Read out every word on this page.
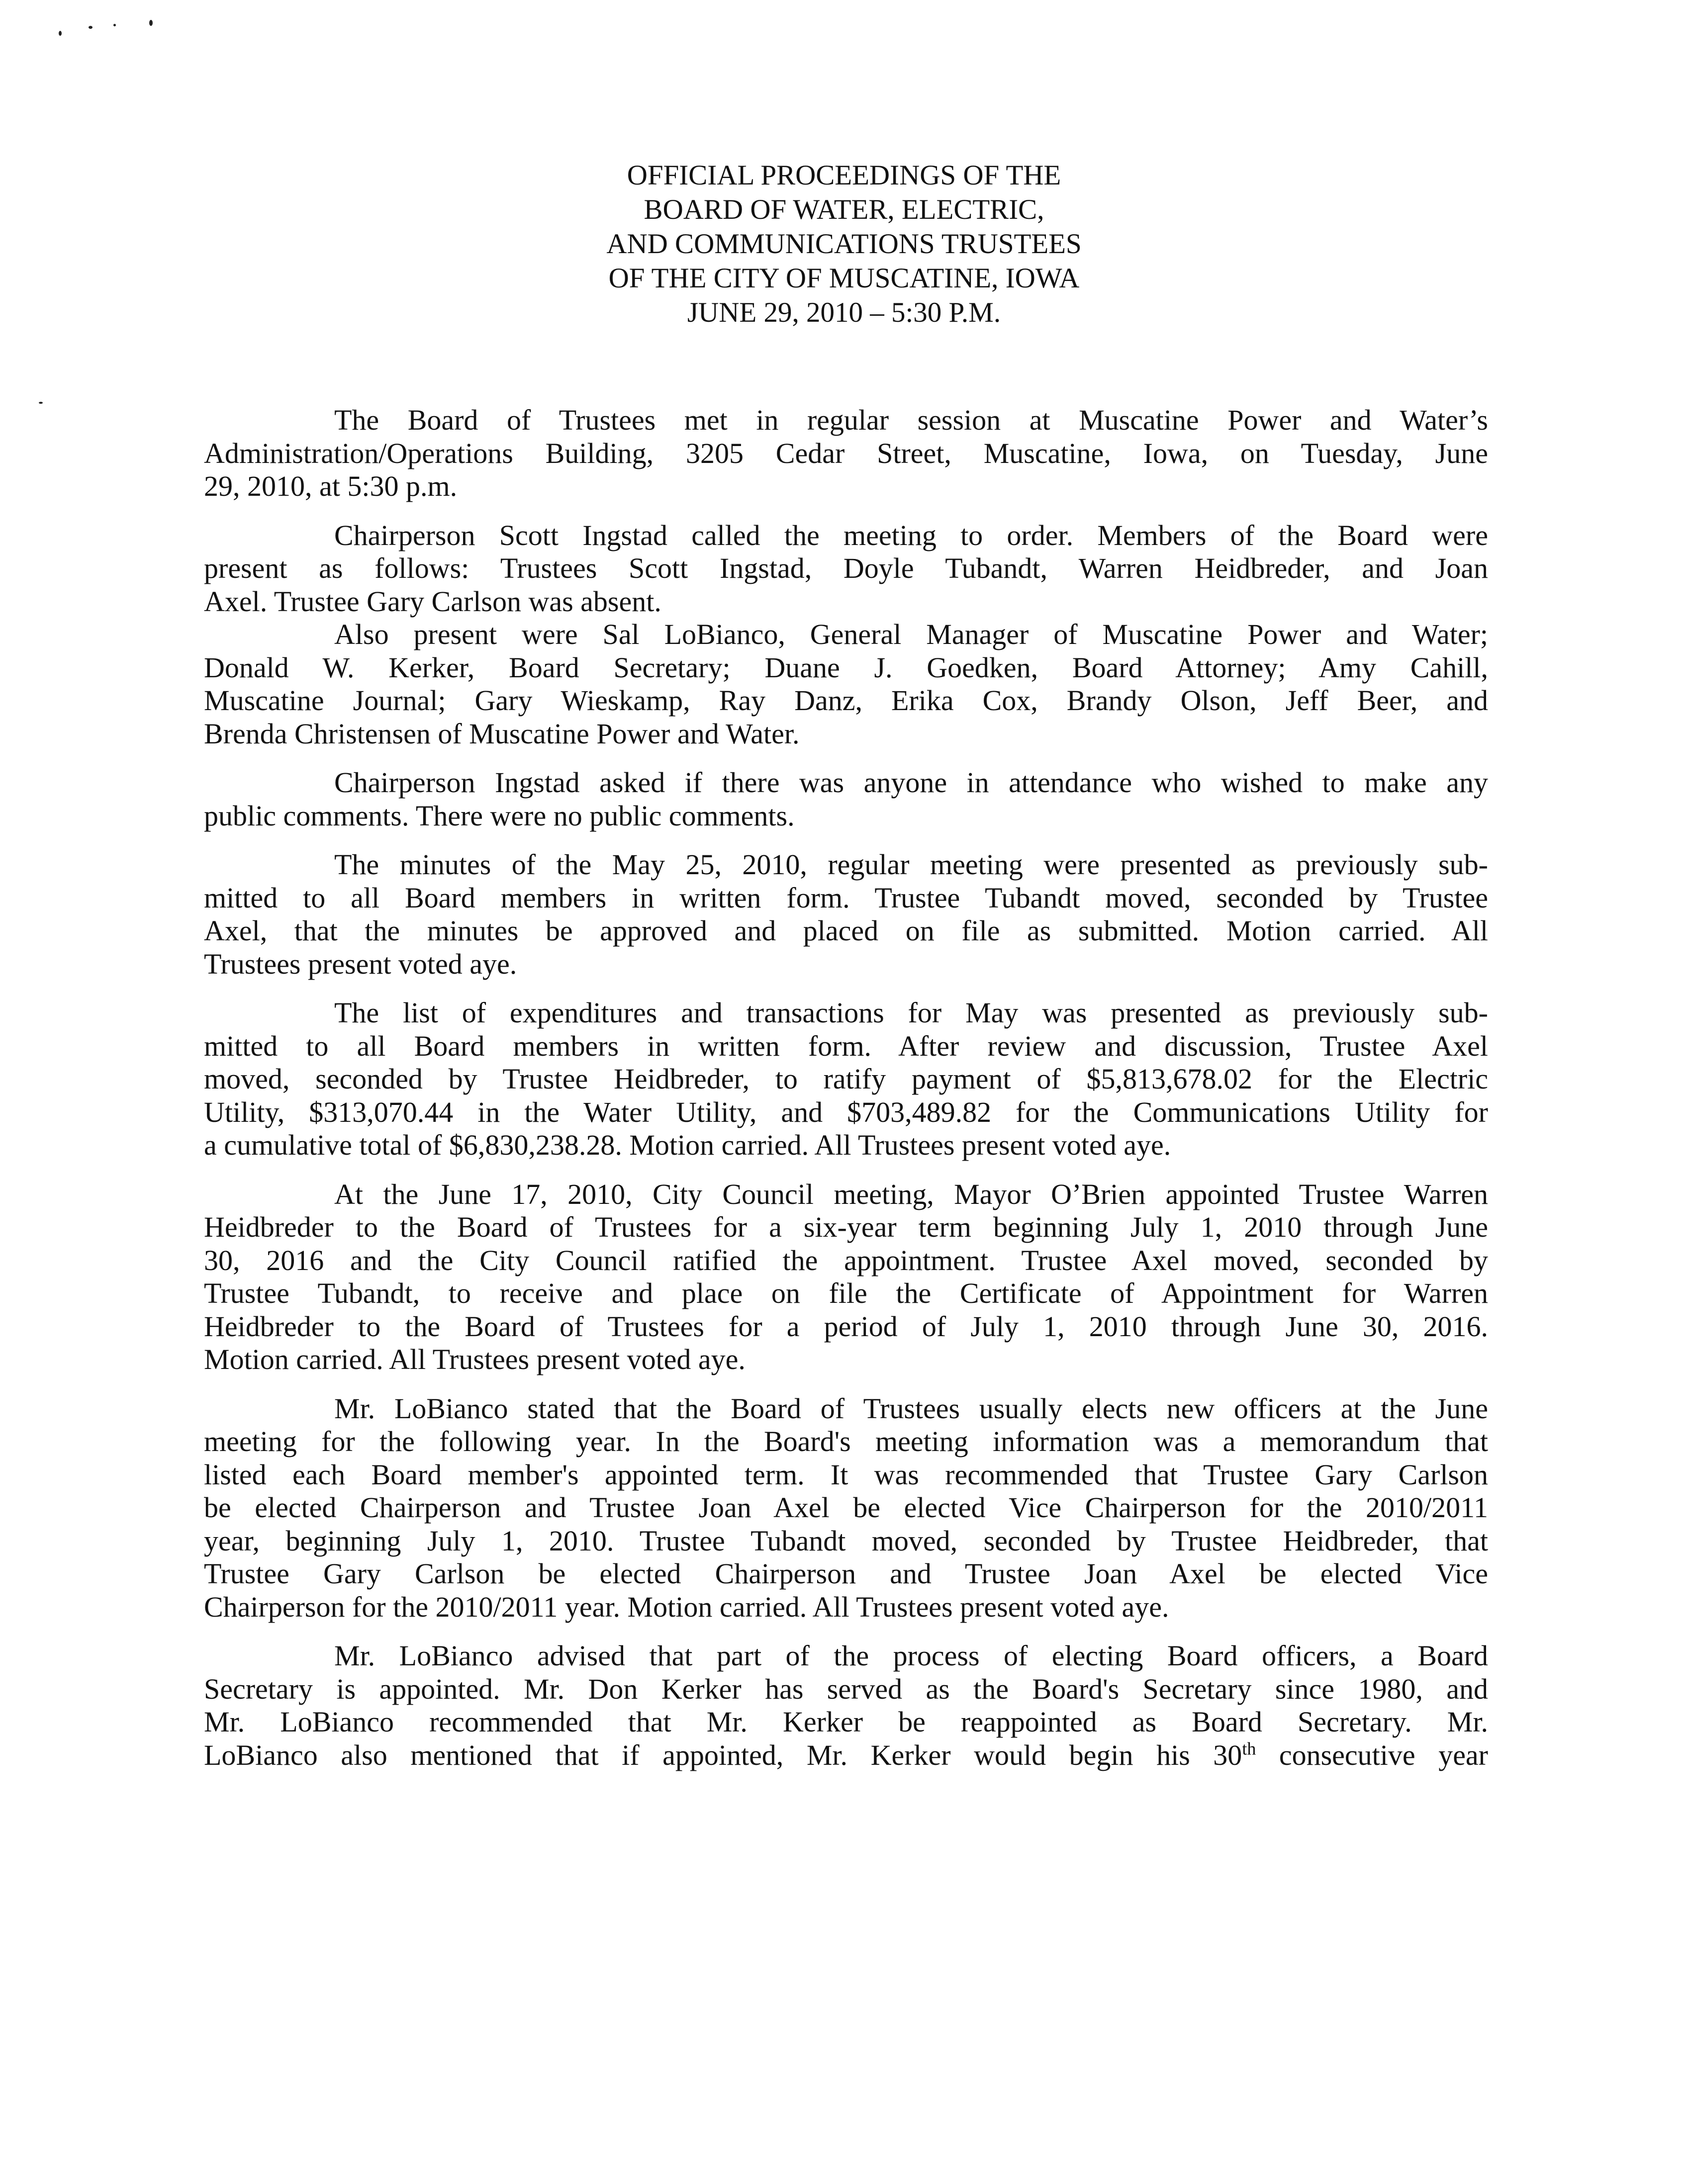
OFFICIAL PROCEEDINGS OF THE
BOARD OF WATER, ELECTRIC,
AND COMMUNICATIONS TRUSTEES
OF THE CITY OF MUSCATINE, IOWA
JUNE 29, 2010 – 5:30 P.M.
The Board of Trustees met in regular session at Muscatine Power and Water’s
Administration/Operations Building, 3205 Cedar Street, Muscatine, Iowa, on Tuesday, June
29, 2010, at 5:30 p.m.
Chairperson Scott Ingstad called the meeting to order. Members of the Board were
present as follows: Trustees Scott Ingstad, Doyle Tubandt, Warren Heidbreder, and Joan
Axel. Trustee Gary Carlson was absent.
Also present were Sal LoBianco, General Manager of Muscatine Power and Water;
Donald W. Kerker, Board Secretary; Duane J. Goedken, Board Attorney; Amy Cahill,
Muscatine Journal; Gary Wieskamp, Ray Danz, Erika Cox, Brandy Olson, Jeff Beer, and
Brenda Christensen of Muscatine Power and Water.
Chairperson Ingstad asked if there was anyone in attendance who wished to make any
public comments. There were no public comments.
The minutes of the May 25, 2010, regular meeting were presented as previously sub-
mitted to all Board members in written form. Trustee Tubandt moved, seconded by Trustee
Axel, that the minutes be approved and placed on file as submitted. Motion carried. All
Trustees present voted aye.
The list of expenditures and transactions for May was presented as previously sub-
mitted to all Board members in written form. After review and discussion, Trustee Axel
moved, seconded by Trustee Heidbreder, to ratify payment of $5,813,678.02 for the Electric
Utility, $313,070.44 in the Water Utility, and $703,489.82 for the Communications Utility for
a cumulative total of $6,830,238.28. Motion carried. All Trustees present voted aye.
At the June 17, 2010, City Council meeting, Mayor O’Brien appointed Trustee Warren
Heidbreder to the Board of Trustees for a six-year term beginning July 1, 2010 through June
30, 2016 and the City Council ratified the appointment. Trustee Axel moved, seconded by
Trustee Tubandt, to receive and place on file the Certificate of Appointment for Warren
Heidbreder to the Board of Trustees for a period of July 1, 2010 through June 30, 2016.
Motion carried. All Trustees present voted aye.
Mr. LoBianco stated that the Board of Trustees usually elects new officers at the June
meeting for the following year. In the Board's meeting information was a memorandum that
listed each Board member's appointed term. It was recommended that Trustee Gary Carlson
be elected Chairperson and Trustee Joan Axel be elected Vice Chairperson for the 2010/2011
year, beginning July 1, 2010. Trustee Tubandt moved, seconded by Trustee Heidbreder, that
Trustee Gary Carlson be elected Chairperson and Trustee Joan Axel be elected Vice
Chairperson for the 2010/2011 year. Motion carried. All Trustees present voted aye.
Mr. LoBianco advised that part of the process of electing Board officers, a Board
Secretary is appointed. Mr. Don Kerker has served as the Board's Secretary since 1980, and
Mr. LoBianco recommended that Mr. Kerker be reappointed as Board Secretary. Mr.
LoBianco also mentioned that if appointed, Mr. Kerker would begin his 30th consecutive year
